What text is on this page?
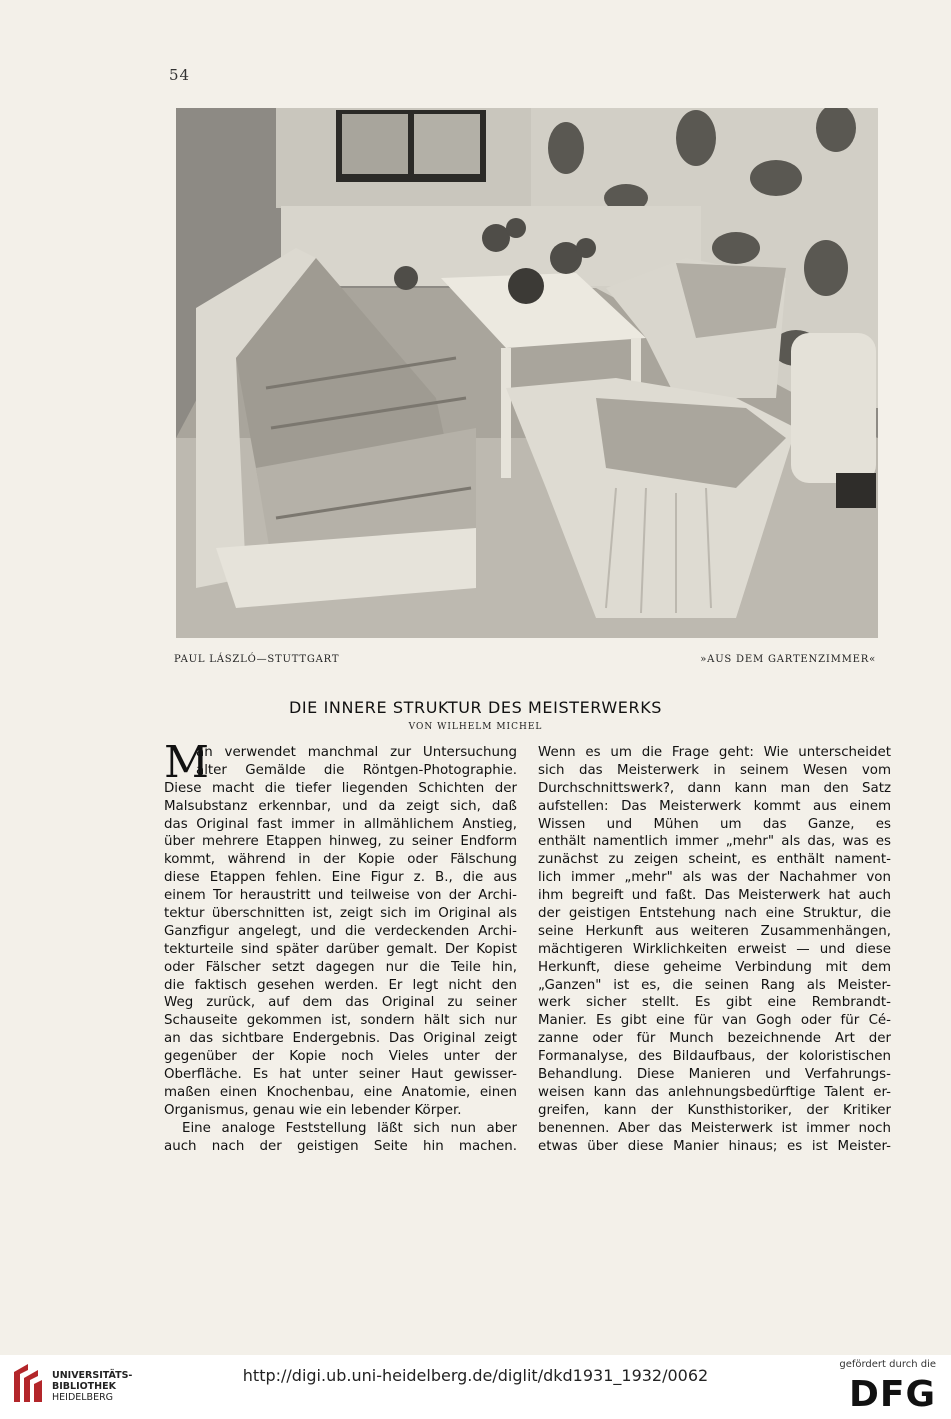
54
PAUL LÁSZLÓ—STUTTGART	»AUS DEM GARTENZIMMER«
DIE INNERE STRUKTUR DES MEISTERWERKS
VON WILHELM MICHEL
M
an verwendet manchmal zur Untersuchung
alter Gemälde die Röntgen-Photographie.
Diese macht die tiefer liegenden Schichten der
Malsubstanz erkennbar, und da zeigt sich, daß
das Original fast immer in allmählichem Anstieg,
über mehrere Etappen hinweg, zu seiner Endform
kommt, während in der Kopie oder Fälschung
diese Etappen fehlen. Eine Figur z. B., die aus
einem Tor heraustritt und teilweise von der Archi-
tektur überschnitten ist, zeigt sich im Original als
Ganzfigur angelegt, und die verdeckenden Archi-
tekturteile sind später darüber gemalt. Der Kopist
oder Fälscher setzt dagegen nur die Teile hin,
die faktisch gesehen werden. Er legt nicht den
Weg zurück, auf dem das Original zu seiner
Schauseite gekommen ist, sondern hält sich nur
an das sichtbare Endergebnis. Das Original zeigt
gegenüber der Kopie noch Vieles unter der
Oberfläche. Es hat unter seiner Haut gewisser-
maßen einen Knochenbau, eine Anatomie, einen
Organismus, genau wie ein lebender Körper.
Eine analoge Feststellung läßt sich nun aber
auch nach der geistigen Seite hin machen.
Wenn es um die Frage geht: Wie unterscheidet
sich das Meisterwerk in seinem Wesen vom
Durchschnittswerk?, dann kann man den Satz
aufstellen: Das Meisterwerk kommt aus einem
Wissen und Mühen um das Ganze, es
enthält namentlich immer „mehr" als das, was es
zunächst zu zeigen scheint, es enthält nament-
lich immer „mehr" als was der Nachahmer von
ihm begreift und faßt. Das Meisterwerk hat auch
der geistigen Entstehung nach eine Struktur, die
seine Herkunft aus weiteren Zusammenhängen,
mächtigeren Wirklichkeiten erweist — und diese
Herkunft, diese geheime Verbindung mit dem
„Ganzen" ist es, die seinen Rang als Meister-
werk sicher stellt. Es gibt eine Rembrandt-
Manier. Es gibt eine für van Gogh oder für Cé-
zanne oder für Munch bezeichnende Art der
Formanalyse, des Bildaufbaus, der koloristischen
Behandlung. Diese Manieren und Verfahrungs-
weisen kann das anlehnungsbedürftige Talent er-
greifen, kann der Kunsthistoriker, der Kritiker
benennen. Aber das Meisterwerk ist immer noch
etwas über diese Manier hinaus; es ist Meister-
UNIVERSITÄTS-
BIBLIOTHEK
HEIDELBERG
http://digi.ub.uni-heidelberg.de/diglit/dkd1931_1932/0062
gefördert durch die
DFG
